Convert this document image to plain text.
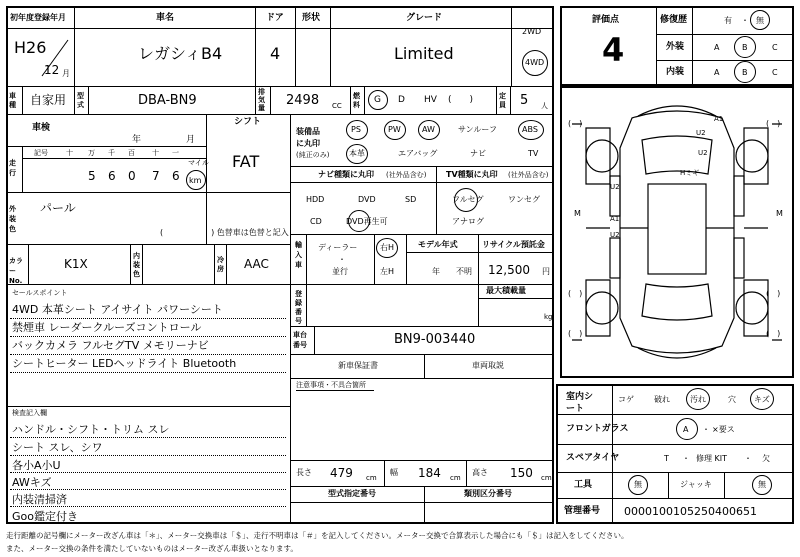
初年度登録年月	車名	ドア 形状	グレード
H26
12 月
レガシィB4	4	Limited
2WD
4WD
車種 自家用 型式	DBA-BN9
排気量 2498 CC
燃料	G D HV (　　)	定員 5 人
車検
年	月
シフト
FAT
走行
記号	十 万 千 百 十 一
マイル
5 6 0 7 6 km
外装色
パール
(　　　　　　) 色替車は色替と記入
カラー No.
K1X
内装色
冷房 AAC
セールスポイント
4WD 本革シート アイサイト パワーシート
禁煙車 レーダークルーズコントロール
バックカメラ フルセグTV メモリーナビ
シートヒーター LEDヘッドライト Bluetooth
検査記入欄
ハンドル・シフト・トリム スレ
シート スレ、シワ
各小A小U
AWキズ
内装清掃済
Goo鑑定付き
装備品に丸印
(純正のみ)
PS	PW	AW	サンルーフ	ABS
本革	エアバッグ	ナビ	TV
ナビ種類に丸印 (社外品含む) TV種類に丸印 (社外品含む)
HDD	DVD	SD
CD	DVD再生可
フルセグ	ワンセグ
アナログ
輸入車
ディーラー
・
並行
右H
左H
モデル年式
年 不明
リサイクル預託金
12,500 円
登録番号
最大積載量
kg
車台番号	BN9-003440
新車保証書	車両取説
注意事項・不具合箇所
長さ 479 cm
幅 184 cm
高さ 150 cm
型式指定番号	類別区分番号
評価点
4
修復歴	有 ・ 無
外装	A	B	C
内装	A	B	C
A1
U2
U2
Hミギ
U2
A1
U2
(　)	(　)
(　)	(　)
(　)	(　)
M	M
室内シート
コゲ	破れ	汚れ	穴 キズ
フロントガラス	A ・ ×要ス
スペアタイヤ	T ・ 修理 KIT ・ 欠
工具	無	ジャッキ	無
管理番号 0000100105250400651
走行距離の記号欄にメーター改ざん車は「＊」、メーター交換車は「＄」、走行不明車は「＃」を記入してください。メーター交換で合算表示した場合にも「＄」は記入をしてください。
また、メーター交換の条件を満たしていないものはメーター改ざん車扱いとなります。
